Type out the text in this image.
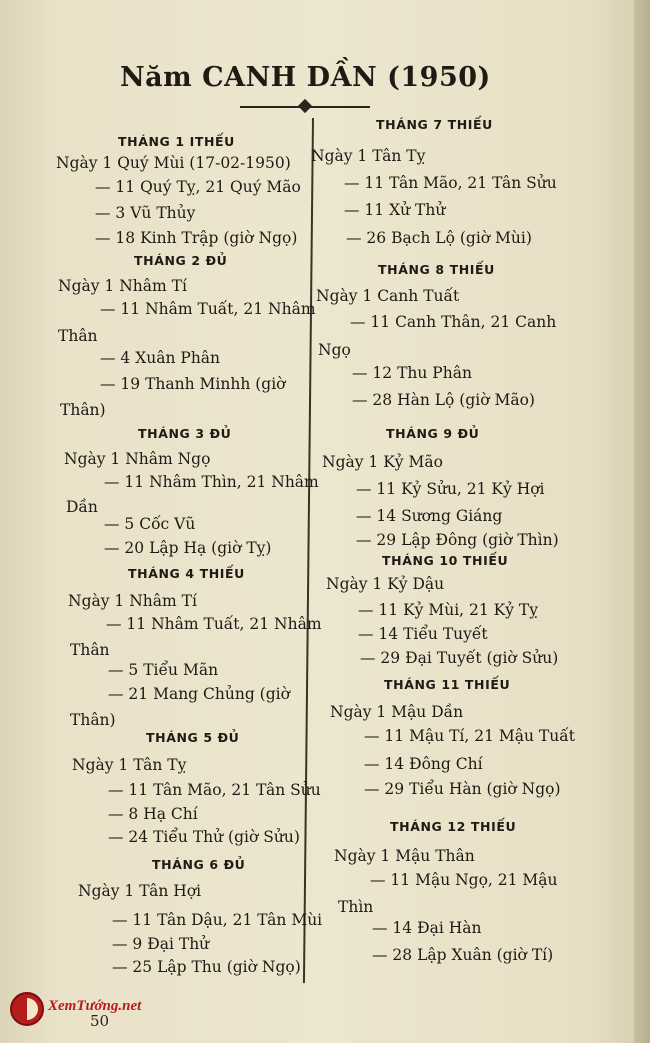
Năm CANH DẦN (1950)
THÁNG 1 ITHẾU
Ngày 1 Quý Mùi (17-02-1950)
— 11 Quý Tỵ, 21 Quý Mão
— 3 Vũ Thủy
— 18 Kinh Trập (giờ Ngọ)
THÁNG 2 ĐỦ
Ngày 1 Nhâm Tí
— 11 Nhâm Tuất, 21 Nhâm
Thân
— 4 Xuân Phân
— 19 Thanh Minhh (giờ
Thân)
THÁNG 3 ĐỦ
Ngày 1 Nhâm Ngọ
— 11 Nhâm Thìn, 21 Nhâm
Dần
— 5 Cốc Vũ
— 20 Lập Hạ (giờ Tỵ)
THÁNG 4 THIẾU
Ngày 1 Nhâm Tí
— 11 Nhâm Tuất, 21 Nhâm
Thân
— 5 Tiểu Mãn
— 21 Mang Chủng (giờ
Thân)
THÁNG 5 ĐỦ
Ngày 1 Tân Tỵ
— 11 Tân Mão, 21 Tân Sửu
— 8 Hạ Chí
— 24 Tiểu Thử (giờ Sửu)
THÁNG 6 ĐỦ
Ngày 1 Tân Hợi
— 11 Tân Dậu, 21 Tân Mùi
— 9 Đại Thử
— 25 Lập Thu (giờ Ngọ)
THÁNG 7 THIẾU
Ngày 1 Tân Tỵ
— 11 Tân Mão, 21 Tân Sửu
— 11 Xử Thử
— 26 Bạch Lộ (giờ Mùi)
THÁNG 8 THIẾU
Ngày 1 Canh Tuất
— 11 Canh Thân, 21 Canh
Ngọ
— 12 Thu Phân
— 28 Hàn Lộ (giờ Mão)
THÁNG 9 ĐỦ
Ngày 1 Kỷ Mão
— 11 Kỷ Sửu, 21 Kỷ Hợi
— 14 Sương Giáng
— 29 Lập Đông (giờ Thìn)
THÁNG 10 THIẾU
Ngày 1 Kỷ Dậu
— 11 Kỷ Mùi, 21 Kỷ Tỵ
— 14 Tiểu Tuyết
— 29 Đại Tuyết (giờ Sửu)
THÁNG 11 THIẾU
Ngày 1 Mậu Dần
— 11 Mậu Tí, 21 Mậu Tuất
— 14 Đông Chí
— 29 Tiểu Hàn (giờ Ngọ)
THÁNG 12 THIẾU
Ngày 1 Mậu Thân
— 11 Mậu Ngọ, 21 Mậu
Thìn
— 14 Đại Hàn
— 28 Lập Xuân (giờ Tí)
XemTướng.net
50
